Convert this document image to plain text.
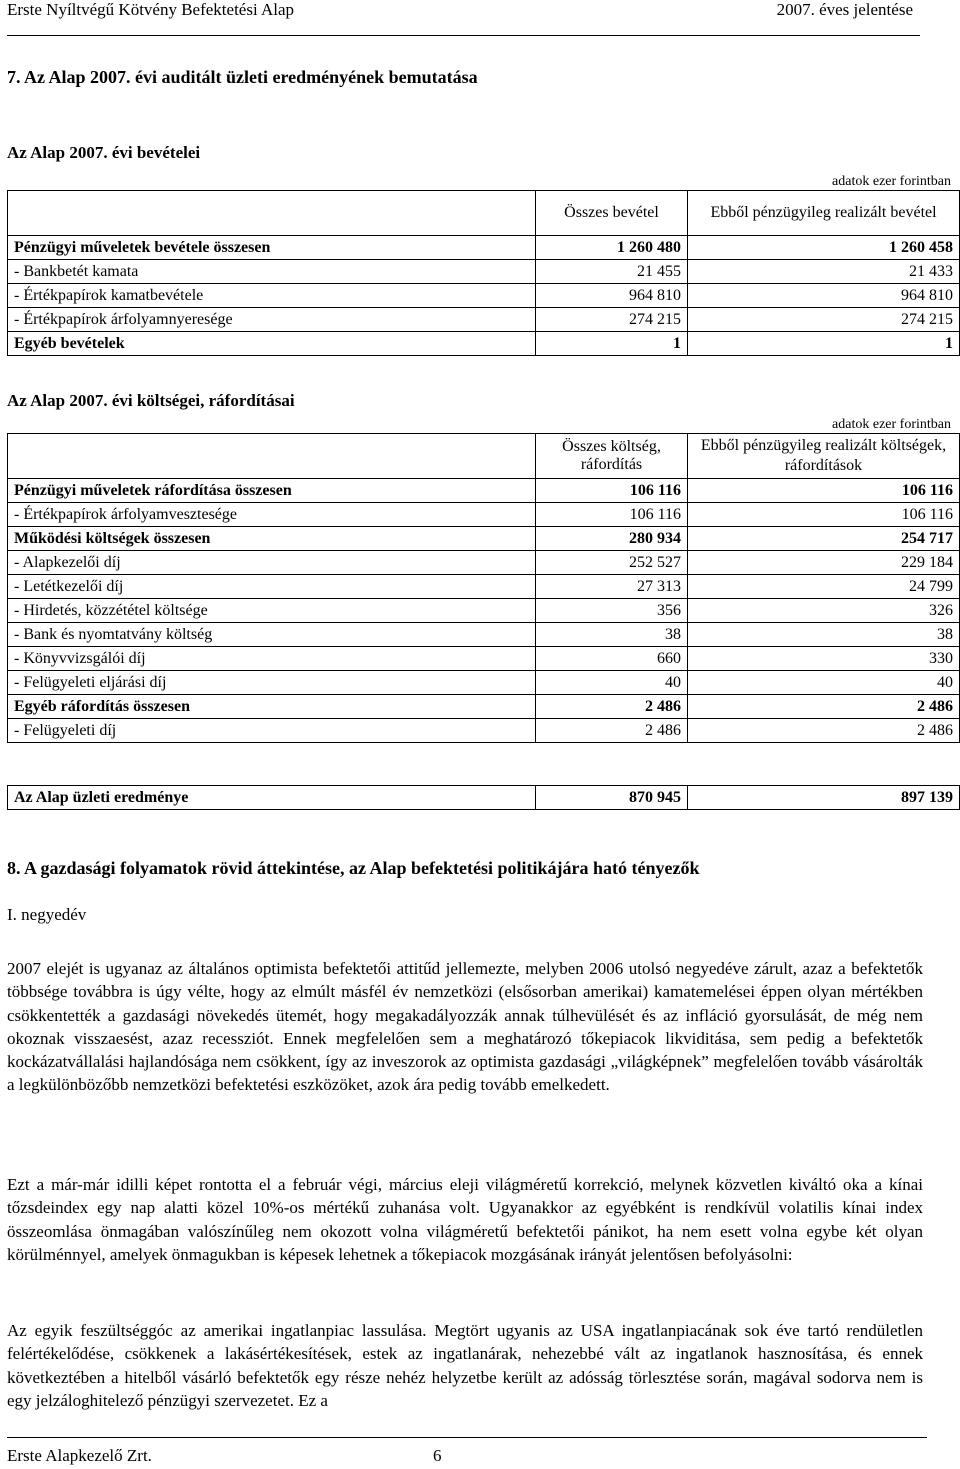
Erste Nyíltvégű Kötvény Befektetési Alap	2007. éves jelentése
7. Az Alap 2007. évi auditált üzleti eredményének bemutatása
Az Alap 2007. évi bevételei
adatok ezer forintban
	Összes bevétel	Ebből pénzügyileg realizált bevétel
Pénzügyi műveletek bevétele összesen	1 260 480	1 260 458
- Bankbetét kamata	21 455	21 433
- Értékpapírok kamatbevétele	964 810	964 810
- Értékpapírok árfolyamnyeresége	274 215	274 215
Egyéb bevételek	1	1
Az Alap 2007. évi költségei, ráfordításai
adatok ezer forintban
	Összes költség, ráfordítás	Ebből pénzügyileg realizált költségek, ráfordítások
Pénzügyi műveletek ráfordítása összesen	106 116	106 116
- Értékpapírok árfolyamvesztesége	106 116	106 116
Működési költségek összesen	280 934	254 717
- Alapkezelői díj	252 527	229 184
- Letétkezelői díj	27 313	24 799
- Hirdetés, közzététel költsége	356	326
- Bank és nyomtatvány költség	38	38
- Könyvvizsgálói díj	660	330
- Felügyeleti eljárási díj	40	40
Egyéb ráfordítás összesen	2 486	2 486
- Felügyeleti díj	2 486	2 486
Az Alap üzleti eredménye	870 945	897 139
8. A gazdasági folyamatok rövid áttekintése, az Alap befektetési politikájára ható tényezők
I. negyedév

2007 elejét is ugyanaz az általános optimista befektetői attitűd jellemezte, melyben 2006 utolsó negyedéve zárult, azaz a befektetők többsége továbbra is úgy vélte, hogy az elmúlt másfél év nemzetközi (elsősorban amerikai) kamatemelései éppen olyan mértékben csökkentették a gazdasági növekedés ütemét, hogy megakadályozzák annak túlhevülését és az infláció gyorsulását, de még nem okoznak visszaesést, azaz recessziót. Ennek megfelelően sem a meghatározó tőkepiacok likviditása, sem pedig a befektetők kockázatvállalási hajlandósága nem csökkent, így az inveszorok az optimista gazdasági „világképnek” megfelelően tovább vásárolták a legkülönbözőbb nemzetközi befektetési eszközöket, azok ára pedig tovább emelkedett.

Ezt a már-már idilli képet rontotta el a február végi, március eleji világméretű korrekció, melynek közvetlen kiváltó oka a kínai tőzsdeindex egy nap alatti közel 10%-os mértékű zuhanása volt. Ugyanakkor az egyébként is rendkívül volatilis kínai index összeomlása önmagában valószínűleg nem okozott volna világméretű befektetői pánikot, ha nem esett volna egybe két olyan körülménnyel, amelyek önmagukban is képesek lehetnek a tőkepiacok mozgásának irányát jelentősen befolyásolni:

Az egyik feszültséggóc az amerikai ingatlanpiac lassulása. Megtört ugyanis az USA ingatlanpiacának sok éve tartó rendületlen felértékelődése, csökkenek a lakásértékesítések, estek az ingatlanárak, nehezebbé vált az ingatlanok hasznosítása, és ennek következtében a hitelből vásárló befektetők egy része nehéz helyzetbe került az adósság törlesztése során, magával sodorva nem is egy jelzáloghitelező pénzügyi szervezetet. Ez a

Erste Alapkezelő Zrt.	6
